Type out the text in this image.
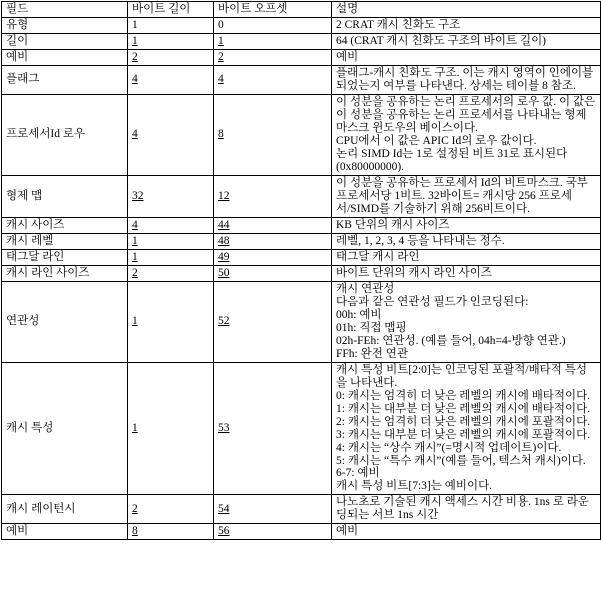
필드	바이트 길이	바이트 오프셋	설명
유형	1	0	2 CRAT 캐시 친화도 구조
길이	1	1	64 (CRAT 캐시 친화도 구조의 바이트 길이)
예비	2	2	예비
플래그	4	4	플래그-캐시 친화도 구조. 이는 캐시 영역이 인에이블되었는지 여부를 나타낸다. 상세는 테이블 8 참조.
프로세서Id 로우	4	8	이 성분을 공유하는 논리 프로세서의 로우 값. 이 값은 이 성분을 공유하는 논리 프로세서를 나타내는 형제 마스크 윈도우의 베이스이다.
CPU에서 이 값은 APIC Id의 로우 값이다.
논리 SIMD Id는 1로 설정된 비트 31로 표시된다(0x80000000).
형제 맵	32	12	이 성분을 공유하는 프로세서 Id의 비트마스크. 국부 프로세서당 1비트. 32바이트= 캐시당 256 프로세서/SIMD를 기술하기 위해 256비트이다.
캐시 사이즈	4	44	KB 단위의 캐시 사이즈
캐시 레벨	1	48	레벨, 1, 2, 3, 4 등을 나타내는 정수.
태그달 라인	1	49	태그달 캐시 라인
캐시 라인 사이즈	2	50	바이트 단위의 캐시 라인 사이즈
연관성	1	52	캐시 연관성
다음과 같은 연관성 필드가 인코딩된다:
00h: 예비
01h: 직접 맵핑
02h-FEh: 연관성. (예를 들어, 04h=4-방향 연관.)
FFh: 완전 연관
캐시 특성	1	53	캐시 특성 비트[2:0]는 인코딩된 포괄적/배타적 특성을 나타낸다.
0: 캐시는 엄격히 더 낮은 레벨의 캐시에 배타적이다.
1: 캐시는 대부분 더 낮은 레벨의 캐시에 배타적이다.
2: 캐시는 엄격히 더 낮은 레벨의 캐시에 포괄적이다.
3: 캐시는 대부분 더 낮은 레벨의 캐시에 포괄적이다.
4: 캐시는 “상수 캐시”(=명시적 업데이트)이다.
5: 캐시는 “특수 캐시”(예를 들어, 텍스처 캐시)이다.
6-7: 예비
캐시 특성 비트[7:3]는 예비이다.
캐시 레이턴시	2	54	나노초로 기술된 캐시 액세스 시간 비용. 1ns 로 라운딩되는 서브 1ns 시간
예비	8	56	예비
